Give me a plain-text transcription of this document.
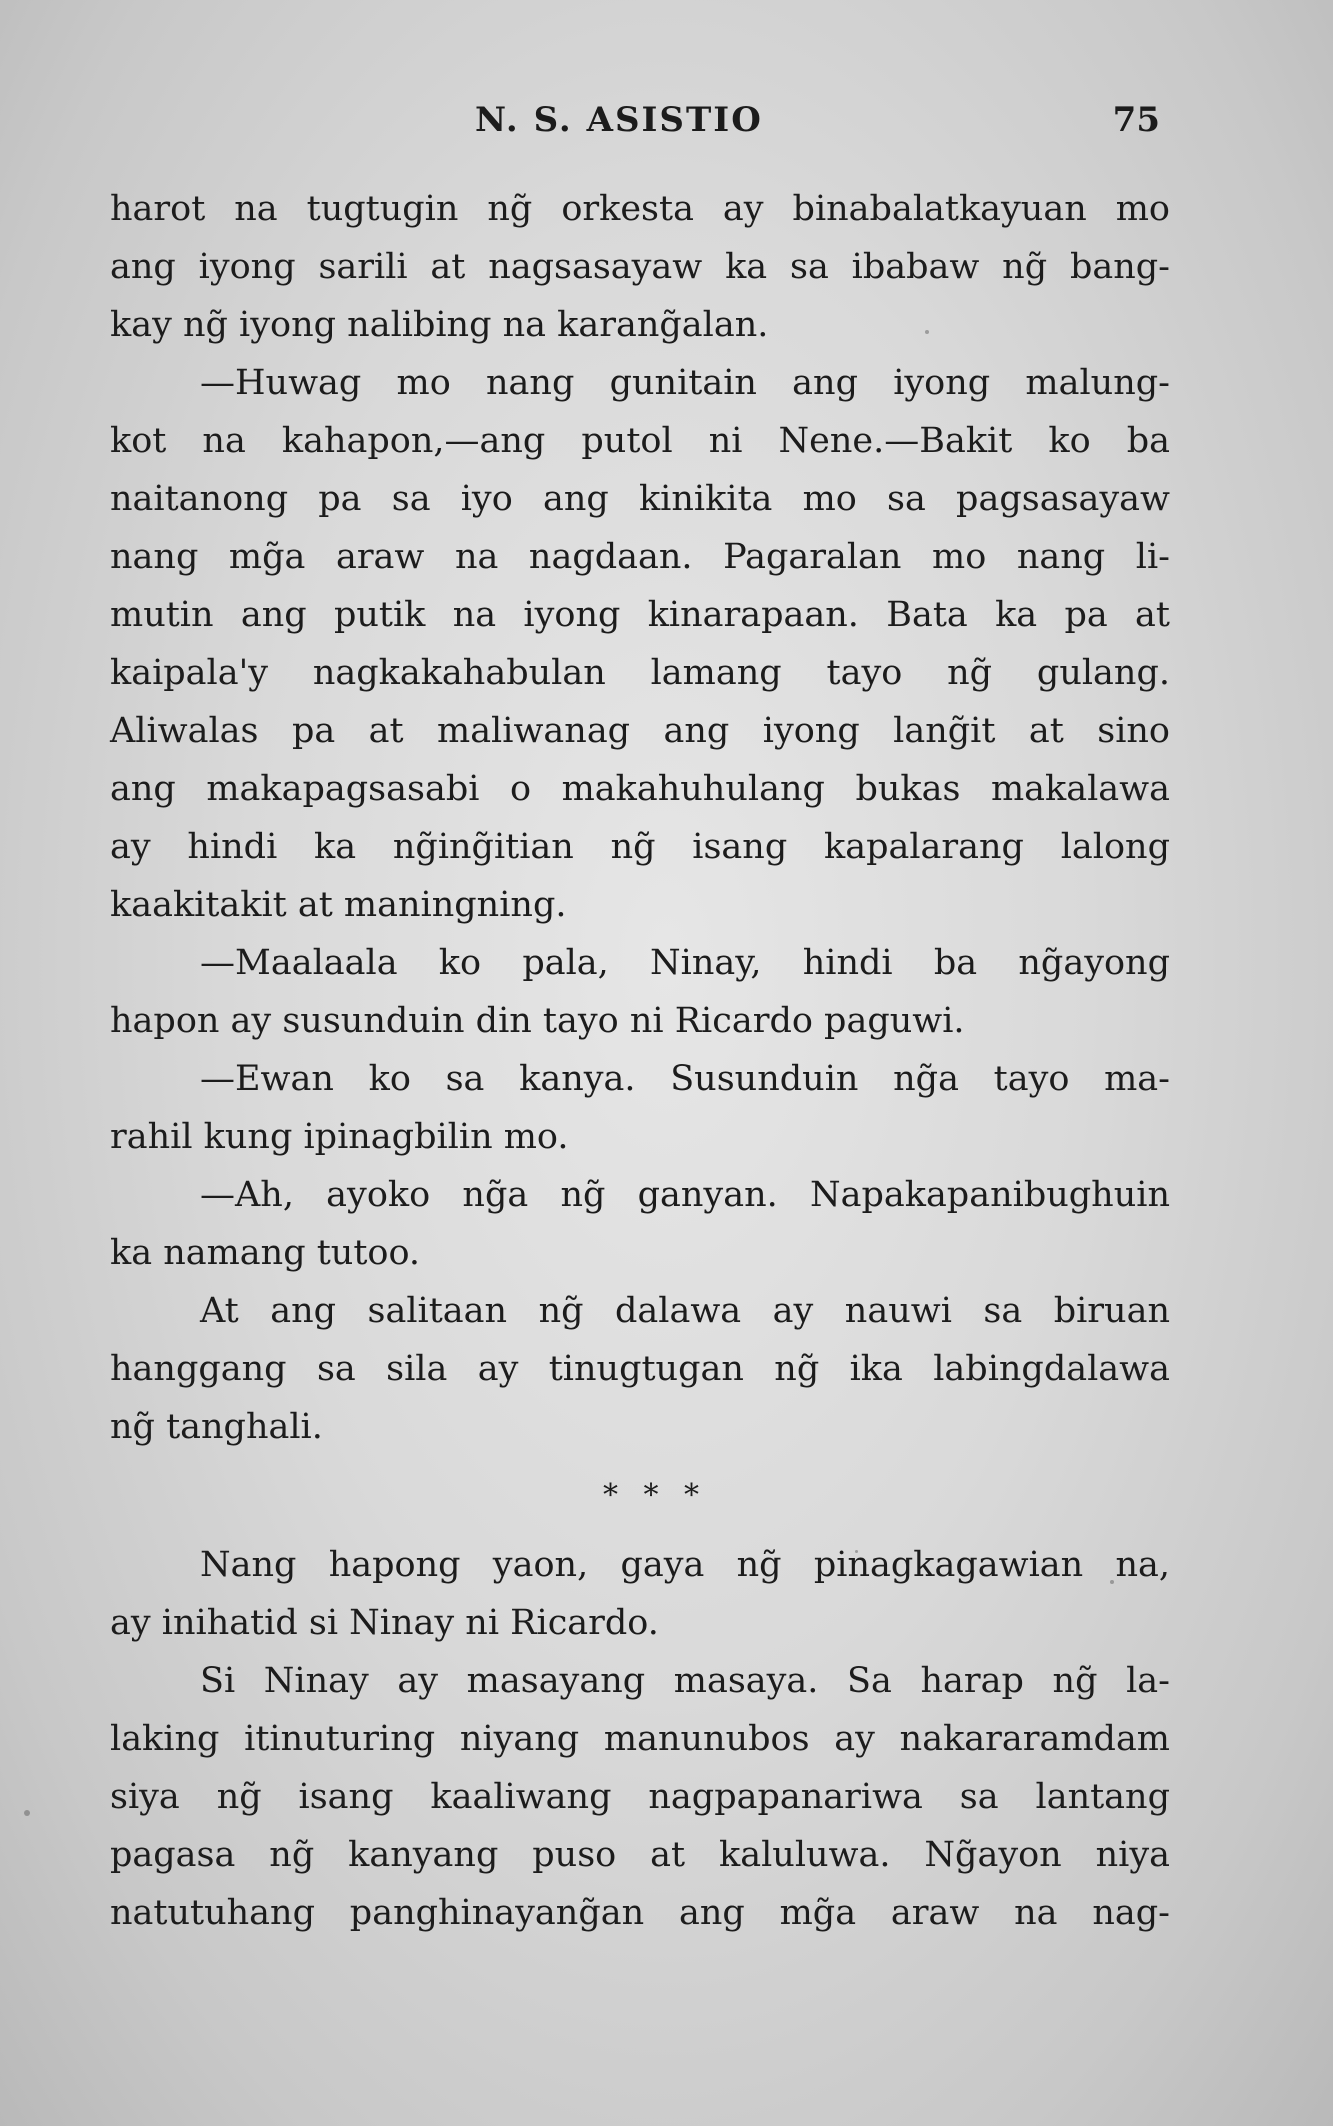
N. S. ASISTIO	75
harot na tugtugin ng̃ orkesta ay binabalatkayuan mo
ang iyong sarili at nagsasayaw ka sa ibabaw ng̃ bang-
kay ng̃ iyong nalibing na karang̃alan.
—Huwag mo nang gunitain ang iyong malung-
kot na kahapon,—ang putol ni Nene.—Bakit ko ba
naitanong pa sa iyo ang kinikita mo sa pagsasayaw
nang mg̃a araw na nagdaan. Pagaralan mo nang li-
mutin ang putik na iyong kinarapaan. Bata ka pa at
kaipala'y nagkakahabulan lamang tayo ng̃ gulang.
Aliwalas pa at maliwanag ang iyong lang̃it at sino
ang makapagsasabi o makahuhulang bukas makalawa
ay hindi ka ng̃ing̃itian ng̃ isang kapalarang lalong
kaakitakit at maningning.
—Maalaala ko pala, Ninay, hindi ba ng̃ayong
hapon ay susunduin din tayo ni Ricardo paguwi.
—Ewan ko sa kanya. Susunduin ng̃a tayo ma-
rahil kung ipinagbilin mo.
—Ah, ayoko ng̃a ng̃ ganyan. Napakapanibughuin
ka namang tutoo.
At ang salitaan ng̃ dalawa ay nauwi sa biruan
hanggang sa sila ay tinugtugan ng̃ ika labingdalawa
ng̃ tanghali.
* * *
Nang hapong yaon, gaya ng̃ pinagkagawian na,
ay inihatid si Ninay ni Ricardo.
Si Ninay ay masayang masaya. Sa harap ng̃ la-
laking itinuturing niyang manunubos ay nakararamdam
siya ng̃ isang kaaliwang nagpapanariwa sa lantang
pagasa ng̃ kanyang puso at kaluluwa. Ng̃ayon niya
natutuhang panghinayang̃an ang mg̃a araw na nag-
